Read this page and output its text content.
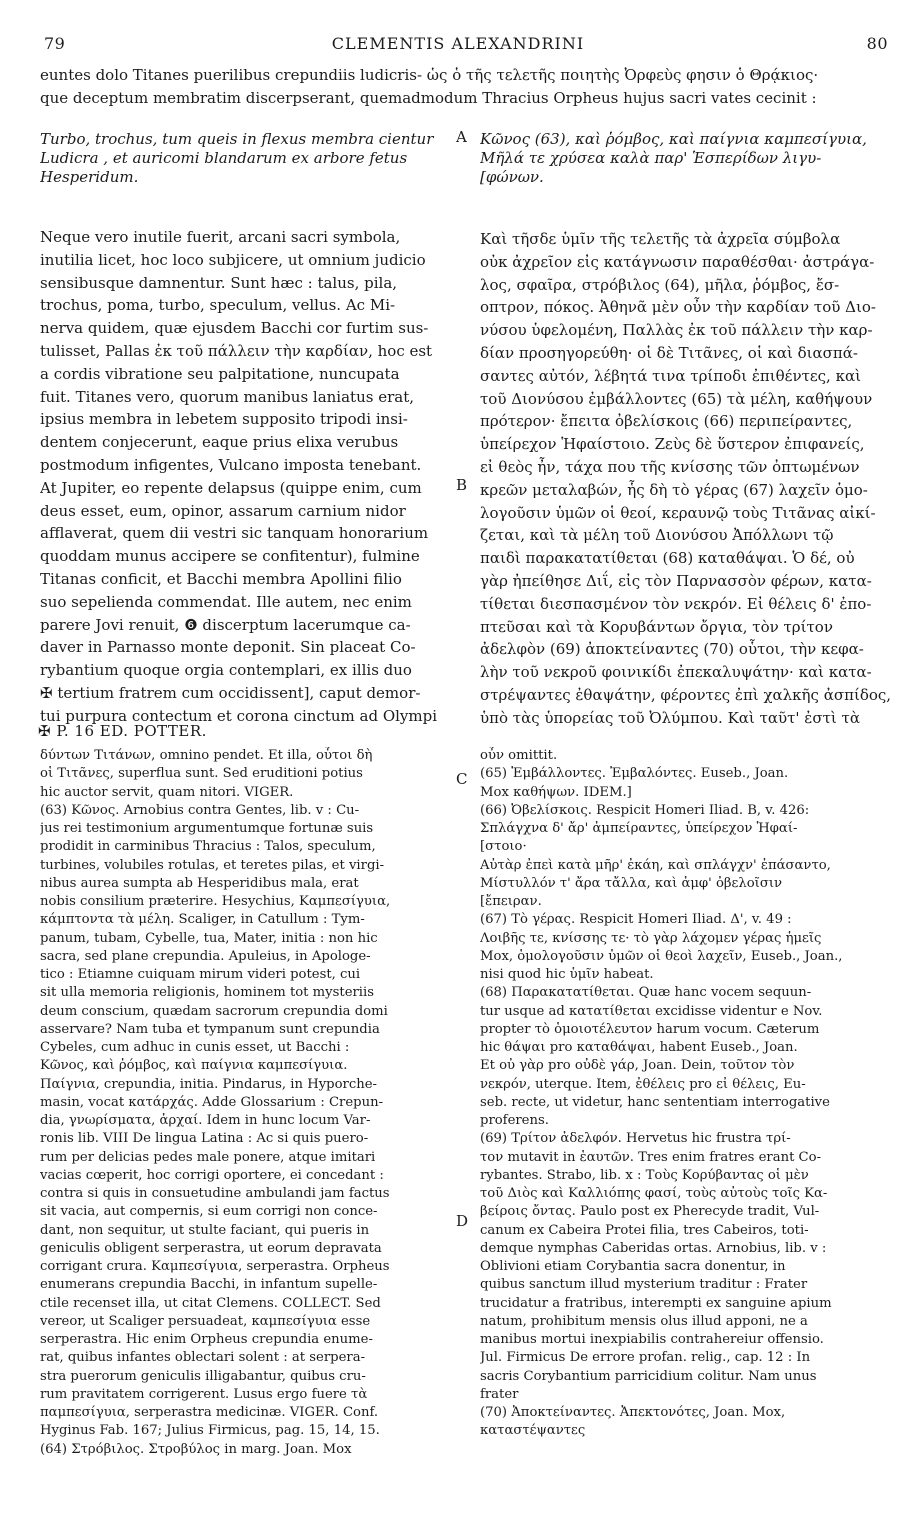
79	CLEMENTIS ALEXANDRINI	80
euntes dolo Titanes puerilibus crepundiis ludicris- ὡς ὁ τῆς τελετῆς ποιητὴς Ὀρφεὺς φησιν ὁ Θρᾴκιος·
que deceptum membratim discerpserant, quemadmodum Thracius Orpheus hujus sacri vates cecinit :
A
B
C
D
Turbo, trochus, tum queis in flexus membra cientur
Ludicra , et auricomi blandarum ex arbore fetus
Hesperidum.
Κῶνος (63), καὶ ῥόμβος, καὶ παίγνια καμπεσίγυια,
Μῆλά τε χρύσεα καλὰ παρ' Ἑσπερίδων λιγυ-
[φώνων.
Neque vero inutile fuerit, arcani sacri symbola,
inutilia licet, hoc loco subjicere, ut omnium judicio
sensibusque damnentur. Sunt hæc : talus, pila,
trochus, poma, turbo, speculum, vellus. Ac Mi-
nerva quidem, quæ ejusdem Bacchi cor furtim sus-
tulisset, Pallas ἐκ τοῦ πάλλειν τὴν καρδίαν, hoc est
a cordis vibratione seu palpitatione, nuncupata
fuit. Titanes vero, quorum manibus laniatus erat,
ipsius membra in lebetem supposito tripodi insi-
dentem conjecerunt, eaque prius elixa verubus
postmodum infigentes, Vulcano imposta tenebant.
At Jupiter, eo repente delapsus (quippe enim, cum
deus esset, eum, opinor, assarum carnium nidor
afflaverat, quem dii vestri sic tanquam honorarium
quoddam munus accipere se confitentur), fulmine
Titanas conficit, et Bacchi membra Apollini filio
suo sepelienda commendat. Ille autem, nec enim
parere Jovi renuit, ❻ discerptum lacerumque ca-
daver in Parnasso monte deponit. Sin placeat Co-
rybantium quoque orgia contemplari, ex illis duo
✠ tertium fratrem cum occidissent], caput demor-
tui purpura contectum et corona cinctum ad Olympi
Καὶ τῆσδε ὑμῖν τῆς τελετῆς τὰ ἀχρεῖα σύμβολα
οὐκ ἀχρεῖον εἰς κατάγνωσιν παραθέσθαι· ἀστράγα-
λος, σφαῖρα, στρόβιλος (64), μῆλα, ῥόμβος, ἔσ-
οπτρον, πόκος. Ἀθηνᾶ μὲν οὖν τὴν καρδίαν τοῦ Διο-
νύσου ὑφελομένη, Παλλὰς ἐκ τοῦ πάλλειν τὴν καρ-
δίαν προσηγορεύθη· οἱ δὲ Τιτᾶνες, οἱ καὶ διασπά-
σαντες αὐτόν, λέβητά τινα τρίποδι ἐπιθέντες, καὶ
τοῦ Διονύσου ἐμβάλλοντες (65) τὰ μέλη, καθήψουν
πρότερον· ἔπειτα ὀβελίσκοις (66) περιπείραντες,
ὑπείρεχον Ἡφαίστοιο. Ζεὺς δὲ ὕστερον ἐπιφανείς,
εἰ θεὸς ἦν, τάχα που τῆς κνίσσης τῶν ὀπτωμένων
κρεῶν μεταλαβών, ἧς δὴ τὸ γέρας (67) λαχεῖν ὁμο-
λογοῦσιν ὑμῶν οἱ θεοί, κεραυνῷ τοὺς Τιτᾶνας αἰκί-
ζεται, καὶ τὰ μέλη τοῦ Διονύσου Ἀπόλλωνι τῷ
παιδὶ παρακατατίθεται (68) καταθάψαι. Ὁ δέ, οὐ
γὰρ ἠπείθησε Διΐ, εἰς τὸν Παρνασσὸν φέρων, κατα-
τίθεται διεσπασμένον τὸν νεκρόν. Εἰ θέλεις δ' ἐπο-
πτεῦσαι καὶ τὰ Κορυβάντων ὄργια, τὸν τρίτον
ἀδελφὸν (69) ἀποκτείναντες (70) οὗτοι, τὴν κεφα-
λὴν τοῦ νεκροῦ φοινικίδι ἐπεκαλυψάτην· καὶ κατα-
στρέψαντες ἐθαψάτην, φέροντες ἐπὶ χαλκῆς ἀσπίδος,
ὑπὸ τὰς ὑπορείας τοῦ Ὀλύμπου. Καὶ ταῦτ' ἐστὶ τὰ
✠ P. 16 ED. POTTER.
δύντων Τιτάνων, omnino pendet. Et illa, οὗτοι δὴ
οἱ Τιτᾶνες, superflua sunt. Sed eruditioni potius
hic auctor servit, quam nitori. VIGER.
(63) Κῶνος. Arnobius contra Gentes, lib. v : Cu-
jus rei testimonium argumentumque fortunæ suis
prodidit in carminibus Thracius : Talos, speculum,
turbines, volubiles rotulas, et teretes pilas, et virgi-
nibus aurea sumpta ab Hesperidibus mala, erat
nobis consilium præterire. Hesychius, Καμπεσίγυια,
κάμπτοντα τὰ μέλη. Scaliger, in Catullum : Tym-
panum, tubam, Cybelle, tua, Mater, initia : non hic
sacra, sed plane crepundia. Apuleius, in Apologe-
tico : Etiamne cuiquam mirum videri potest, cui
sit ulla memoria religionis, hominem tot mysteriis
deum conscium, quædam sacrorum crepundia domi
asservare? Nam tuba et tympanum sunt crepundia
Cybeles, cum adhuc in cunis esset, ut Bacchi :
Κῶνος, καὶ ῥόμβος, καὶ παίγνια καμπεσίγυια.
Παίγνια, crepundia, initia. Pindarus, in Hyporche-
masin, vocat κατάρχάς. Adde Glossarium : Crepun-
dia, γνωρίσματα, ἀρχαί. Idem in hunc locum Var-
ronis lib. VIII De lingua Latina : Ac si quis puero-
rum per delicias pedes male ponere, atque imitari
vacias cœperit, hoc corrigi oportere, ei concedant :
contra si quis in consuetudine ambulandi jam factus
sit vacia, aut compernis, si eum corrigi non conce-
dant, non sequitur, ut stulte faciant, qui pueris in
geniculis obligent serperastra, ut eorum depravata
corrigant crura. Καμπεσίγυια, serperastra. Orpheus
enumerans crepundia Bacchi, in infantum supelle-
ctile recenset illa, ut citat Clemens. COLLECT. Sed
vereor, ut Scaliger persuadeat, καμπεσίγυια esse
serperastra. Hic enim Orpheus crepundia enume-
rat, quibus infantes oblectari solent : at serpera-
stra puerorum geniculis illigabantur, quibus cru-
rum pravitatem corrigerent. Lusus ergo fuere τὰ
παμπεσίγυια, serperastra medicinæ. VIGER. Conf.
Hyginus Fab. 167; Julius Firmicus, pag. 15, 14, 15.
(64) Στρόβιλος. Στροβύλος in marg. Joan. Mox
οὖν omittit.
(65) Ἐμβάλλοντες. Ἐμβαλόντες. Euseb., Joan.
Mox καθήψων. IDEM.]
(66) Ὀβελίσκοις. Respicit Homeri Iliad. B, v. 426:
Σπλάγχνα δ' ἄρ' ἀμπείραντες, ὑπείρεχον Ἡφαί-
[στοιο·
Αὐτὰρ ἐπεὶ κατὰ μῆρ' ἐκάη, καὶ σπλάγχν' ἐπάσαντο,
Μίστυλλόν τ' ἄρα τἄλλα, καὶ ἀμφ' ὀβελοῖσιν
[ἔπειραν.
(67) Τὸ γέρας. Respicit Homeri Iliad. Δ', v. 49 :
Λοιβῆς τε, κνίσσης τε· τὸ γὰρ λάχομεν γέρας ἡμεῖς
Mox, ὁμολογοῦσιν ὑμῶν οἱ θεοὶ λαχεῖν, Euseb., Joan.,
nisi quod hic ὑμῖν habeat.
(68) Παρακατατίθεται. Quæ hanc vocem sequun-
tur usque ad κατατίθεται excidisse videntur e Nov.
propter τὸ ὁμοιοτέλευτον harum vocum. Cæterum
hic θάψαι pro καταθάψαι, habent Euseb., Joan.
Et οὐ γὰρ pro οὐδὲ γάρ, Joan. Dein, τοῦτον τὸν
νεκρόν, uterque. Item, ἐθέλεις pro εἰ θέλεις, Eu-
seb. recte, ut videtur, hanc sententiam interrogative
proferens.
(69) Τρίτον ἀδελφόν. Hervetus hic frustra τρί-
τον mutavit in ἑαυτῶν. Tres enim fratres erant Co-
rybantes. Strabo, lib. x : Τοὺς Κορύβαντας οἱ μὲν
τοῦ Διὸς καὶ Καλλιόπης φασί, τοὺς αὐτοὺς τοῖς Κα-
βείροις ὄντας. Paulo post ex Pherecyde tradit, Vul-
canum ex Cabeira Protei filia, tres Cabeiros, toti-
demque nymphas Caberidas ortas. Arnobius, lib. v :
Oblivioni etiam Corybantia sacra donentur, in
quibus sanctum illud mysterium traditur : Frater
trucidatur a fratribus, interempti ex sanguine apium
natum, prohibitum mensis olus illud apponi, ne a
manibus mortui inexpiabilis contrahereiur offensio.
Jul. Firmicus De errore profan. relig., cap. 12 : In
sacris Corybantium parricidium colitur. Nam unus
frater
(70) Ἀποκτείναντες. Ἀπεκτονότες, Joan. Mox,
καταστέψαντες
